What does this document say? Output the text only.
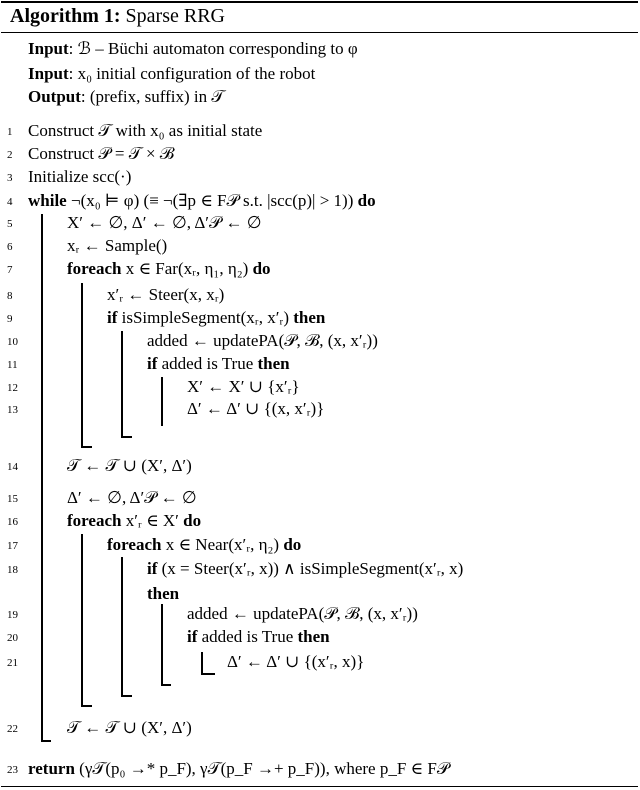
Algorithm 1: Sparse RRG
Input: ℬ – Büchi automaton corresponding to φ
Input: x₀ initial configuration of the robot
Output: (prefix, suffix) in 𝒯
1 Construct 𝒯 with x₀ as initial state
2 Construct 𝒫 = 𝒯 × ℬ
3 Initialize scc(·)
4 while ¬(x₀ ⊨ φ) (≡ ¬(∃p ∈ F𝒫 s.t. |scc(p)| > 1)) do
5	X′ ← ∅, Δ′ ← ∅, Δ′𝒫 ← ∅
6	xᵣ ← Sample()
7	foreach x ∈ Far(xᵣ, η₁, η₂) do
8	x′ᵣ ← Steer(x, xᵣ)
9	if isSimpleSegment(xᵣ, x′ᵣ) then
10	added ← updatePA(𝒫, ℬ, (x, x′ᵣ))
11	if added is True then
12	X′ ← X′ ∪ {x′ᵣ}
13	Δ′ ← Δ′ ∪ {(x, x′ᵣ)}
14	𝒯 ← 𝒯 ∪ (X′, Δ′)
15	Δ′ ← ∅, Δ′𝒫 ← ∅
16	foreach x′ᵣ ∈ X′ do
17	foreach x ∈ Near(x′ᵣ, η₂) do
18	if (x = Steer(x′ᵣ, x)) ∧ isSimpleSegment(x′ᵣ, x)
then
19	added ← updatePA(𝒫, ℬ, (x, x′ᵣ))
20	if added is True then
21	Δ′ ← Δ′ ∪ {(x′ᵣ, x)}
22	𝒯 ← 𝒯 ∪ (X′, Δ′)
23 return (γ𝒯(p₀ →* p_F), γ𝒯(p_F →+ p_F)), where p_F ∈ F𝒫
